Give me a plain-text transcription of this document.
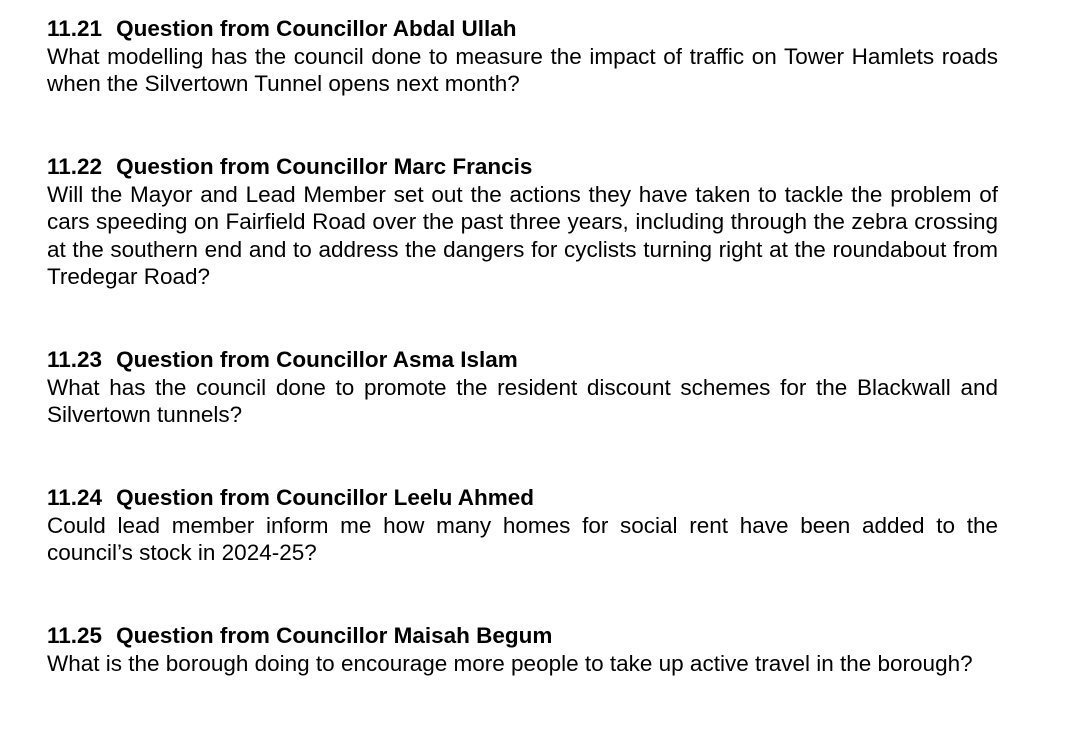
11.21 Question from Councillor Abdal Ullah
What modelling has the council done to measure the impact of traffic on Tower Hamlets roads when the Silvertown Tunnel opens next month?
11.22 Question from Councillor Marc Francis
Will the Mayor and Lead Member set out the actions they have taken to tackle the problem of cars speeding on Fairfield Road over the past three years, including through the zebra crossing at the southern end and to address the dangers for cyclists turning right at the roundabout from Tredegar Road?
11.23 Question from Councillor Asma Islam
What has the council done to promote the resident discount schemes for the Blackwall and Silvertown tunnels?
11.24 Question from Councillor Leelu Ahmed
Could lead member inform me how many homes for social rent have been added to the council’s stock in 2024-25?
11.25 Question from Councillor Maisah Begum
What is the borough doing to encourage more people to take up active travel in the borough?
